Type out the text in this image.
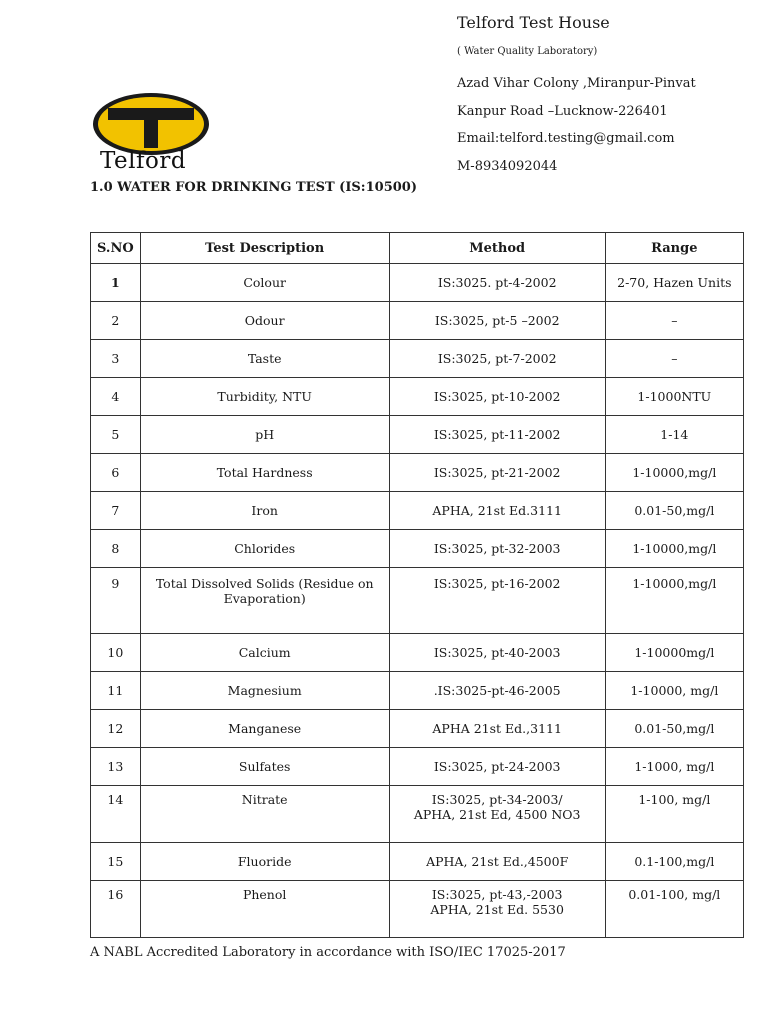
Telford
Telford Test House
( Water Quality Laboratory)
Azad Vihar Colony ,Miranpur-Pinvat
Kanpur Road –Lucknow-226401
Email:telford.testing@gmail.com
M-8934092044
1.0 WATER FOR DRINKING TEST (IS:10500)
S.NO	Test Description	Method	Range
1	Colour	IS:3025. pt-4-2002	2-70, Hazen Units
2	Odour	IS:3025, pt-5 –2002	–
3	Taste	IS:3025, pt-7-2002	–
4	Turbidity, NTU	IS:3025, pt-10-2002	1-1000NTU
5	pH	IS:3025, pt-11-2002	1-14
6	Total Hardness	IS:3025, pt-21-2002	1-10000,mg/l
7	Iron	APHA, 21st Ed.3111	0.01-50,mg/l
8	Chlorides	IS:3025, pt-32-2003	1-10000,mg/l
9	Total Dissolved Solids (Residue on
Evaporation)	IS:3025, pt-16-2002	1-10000,mg/l
10	Calcium	IS:3025, pt-40-2003	1-10000mg/l
11	Magnesium	.IS:3025-pt-46-2005	1-10000, mg/l
12	Manganese	APHA 21st Ed.,3111	0.01-50,mg/l
13	Sulfates	IS:3025, pt-24-2003	1-1000, mg/l
14	Nitrate	IS:3025, pt-34-2003/
APHA, 21st Ed, 4500 NO3	1-100, mg/l
15	Fluoride	APHA, 21st Ed.,4500F	0.1-100,mg/l
16	Phenol	IS:3025, pt-43,-2003
APHA, 21st Ed. 5530	0.01-100, mg/l
A NABL Accredited Laboratory in accordance with ISO/IEC 17025-2017
